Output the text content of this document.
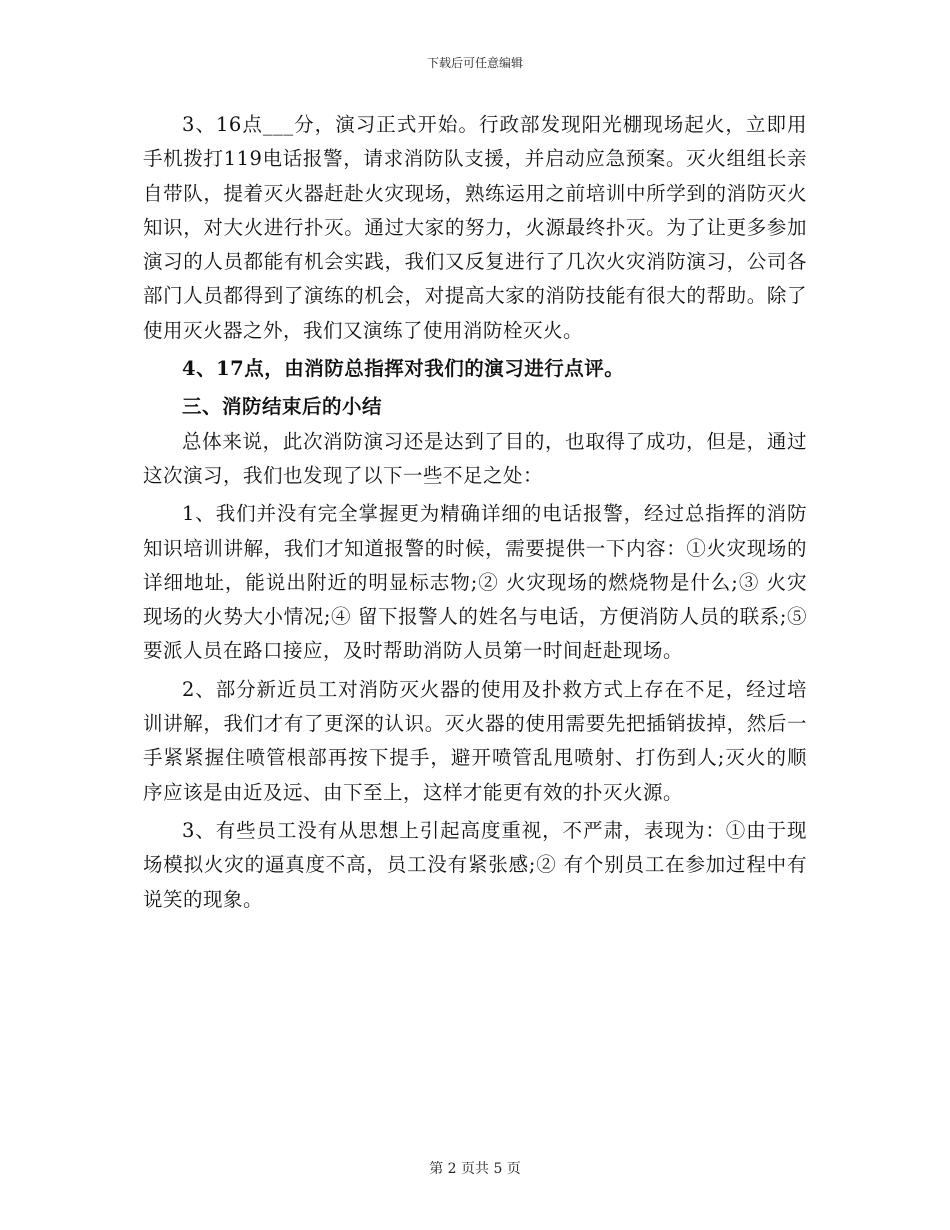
下载后可任意编辑

3、16点___分，演习正式开始。行政部发现阳光棚现场起火，立即用手机拨打119电话报警，请求消防队支援，并启动应急预案。灭火组组长亲自带队，提着灭火器赶赴火灾现场，熟练运用之前培训中所学到的消防灭火知识，对大火进行扑灭。通过大家的努力，火源最终扑灭。为了让更多参加演习的人员都能有机会实践，我们又反复进行了几次火灾消防演习，公司各部门人员都得到了演练的机会，对提高大家的消防技能有很大的帮助。除了使用灭火器之外，我们又演练了使用消防栓灭火。

4、17点，由消防总指挥对我们的演习进行点评。

三、消防结束后的小结

总体来说，此次消防演习还是达到了目的，也取得了成功，但是，通过这次演习，我们也发现了以下一些不足之处：

1、我们并没有完全掌握更为精确详细的电话报警，经过总指挥的消防知识培训讲解，我们才知道报警的时候，需要提供一下内容：①火灾现场的详细地址，能说出附近的明显标志物;② 火灾现场的燃烧物是什么;③ 火灾现场的火势大小情况;④ 留下报警人的姓名与电话，方便消防人员的联系;⑤ 要派人员在路口接应，及时帮助消防人员第一时间赶赴现场。

2、部分新近员工对消防灭火器的使用及扑救方式上存在不足，经过培训讲解，我们才有了更深的认识。灭火器的使用需要先把插销拔掉，然后一手紧紧握住喷管根部再按下提手，避开喷管乱甩喷射、打伤到人;灭火的顺序应该是由近及远、由下至上，这样才能更有效的扑灭火源。

3、有些员工没有从思想上引起高度重视，不严肃，表现为：①由于现场模拟火灾的逼真度不高，员工没有紧张感;② 有个别员工在参加过程中有说笑的现象。

第 2 页共 5 页
